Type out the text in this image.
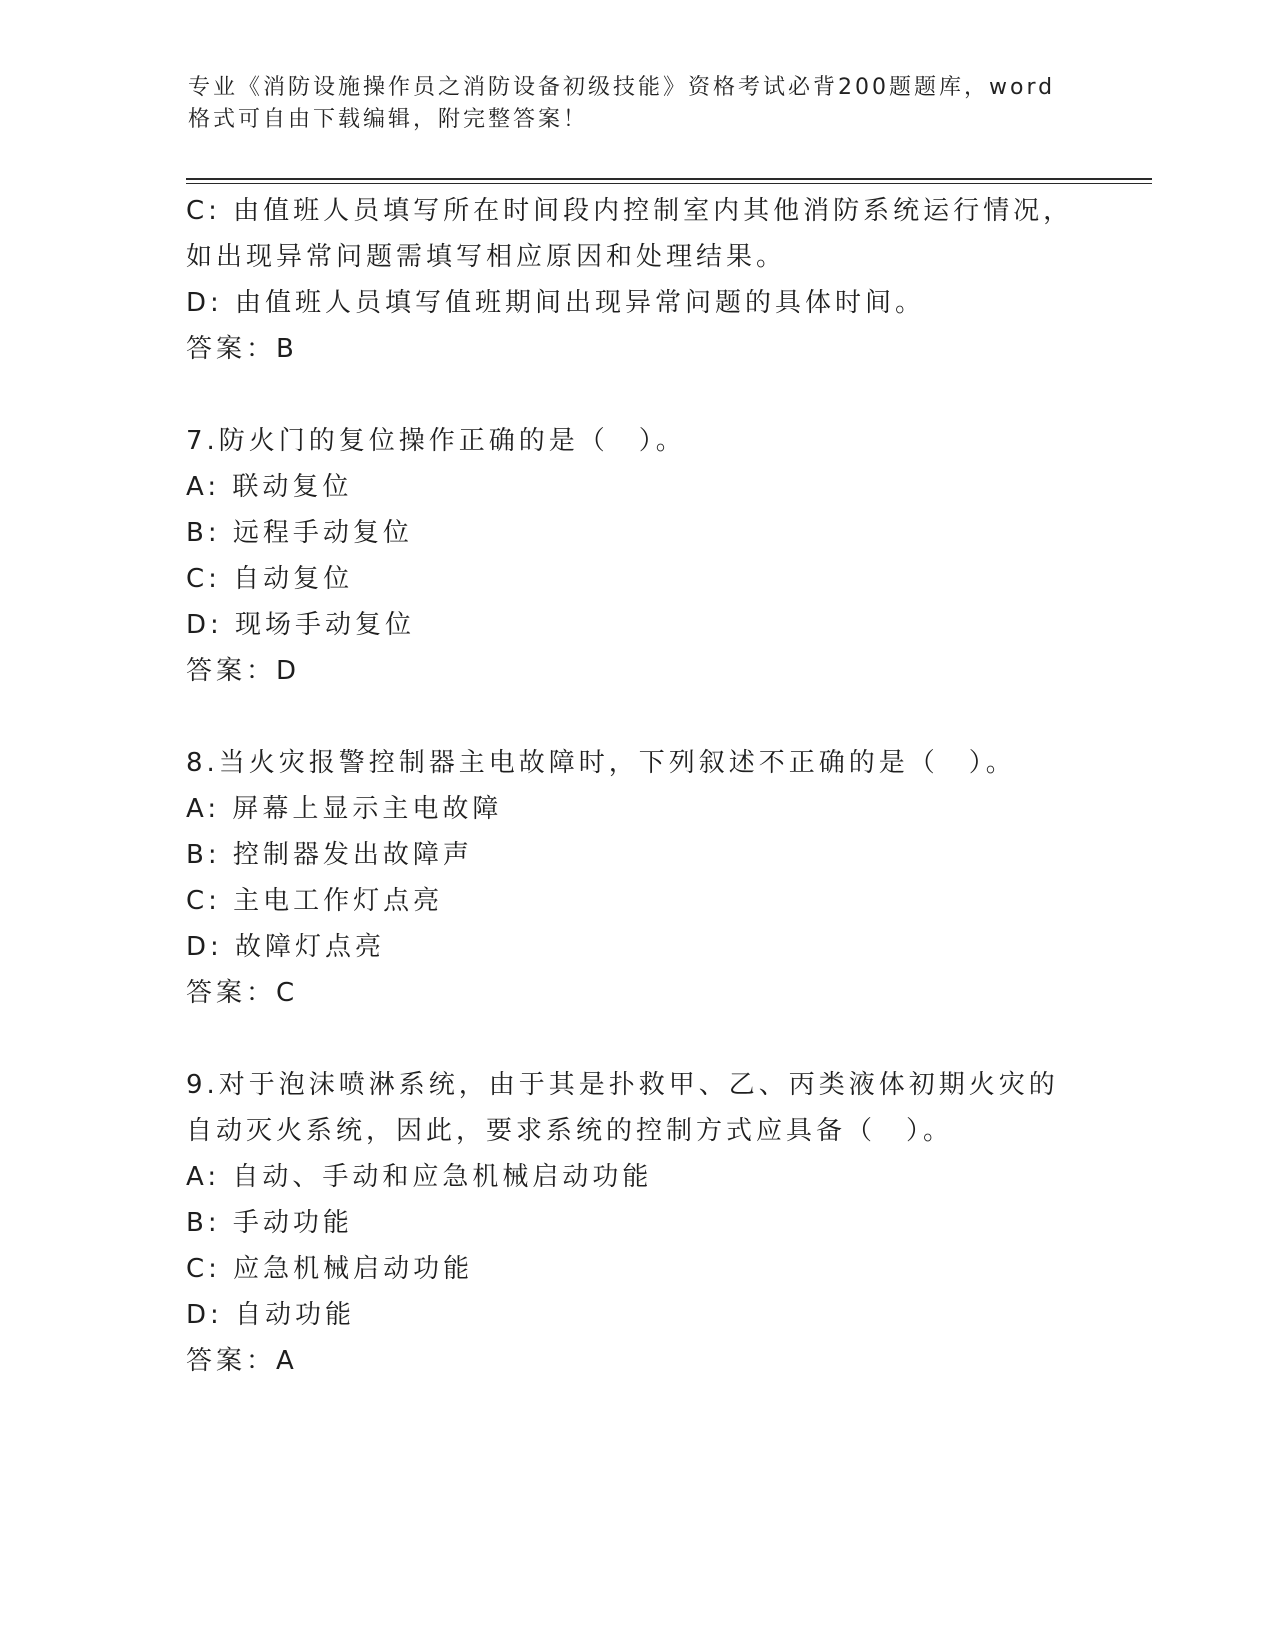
专业《消防设施操作员之消防设备初级技能》资格考试必背200题题库，word格式可自由下载编辑，附完整答案！
C: 由值班人员填写所在时间段内控制室内其他消防系统运行情况，如出现异常问题需填写相应原因和处理结果。
D: 由值班人员填写值班期间出现异常问题的具体时间。
答案：B
7.防火门的复位操作正确的是（　）。
A: 联动复位
B: 远程手动复位
C: 自动复位
D: 现场手动复位
答案：D
8.当火灾报警控制器主电故障时，下列叙述不正确的是（　）。
A: 屏幕上显示主电故障
B: 控制器发出故障声
C: 主电工作灯点亮
D: 故障灯点亮
答案：C
9.对于泡沫喷淋系统，由于其是扑救甲、乙、丙类液体初期火灾的自动灭火系统，因此，要求系统的控制方式应具备（　）。
A: 自动、手动和应急机械启动功能
B: 手动功能
C: 应急机械启动功能
D: 自动功能
答案：A
